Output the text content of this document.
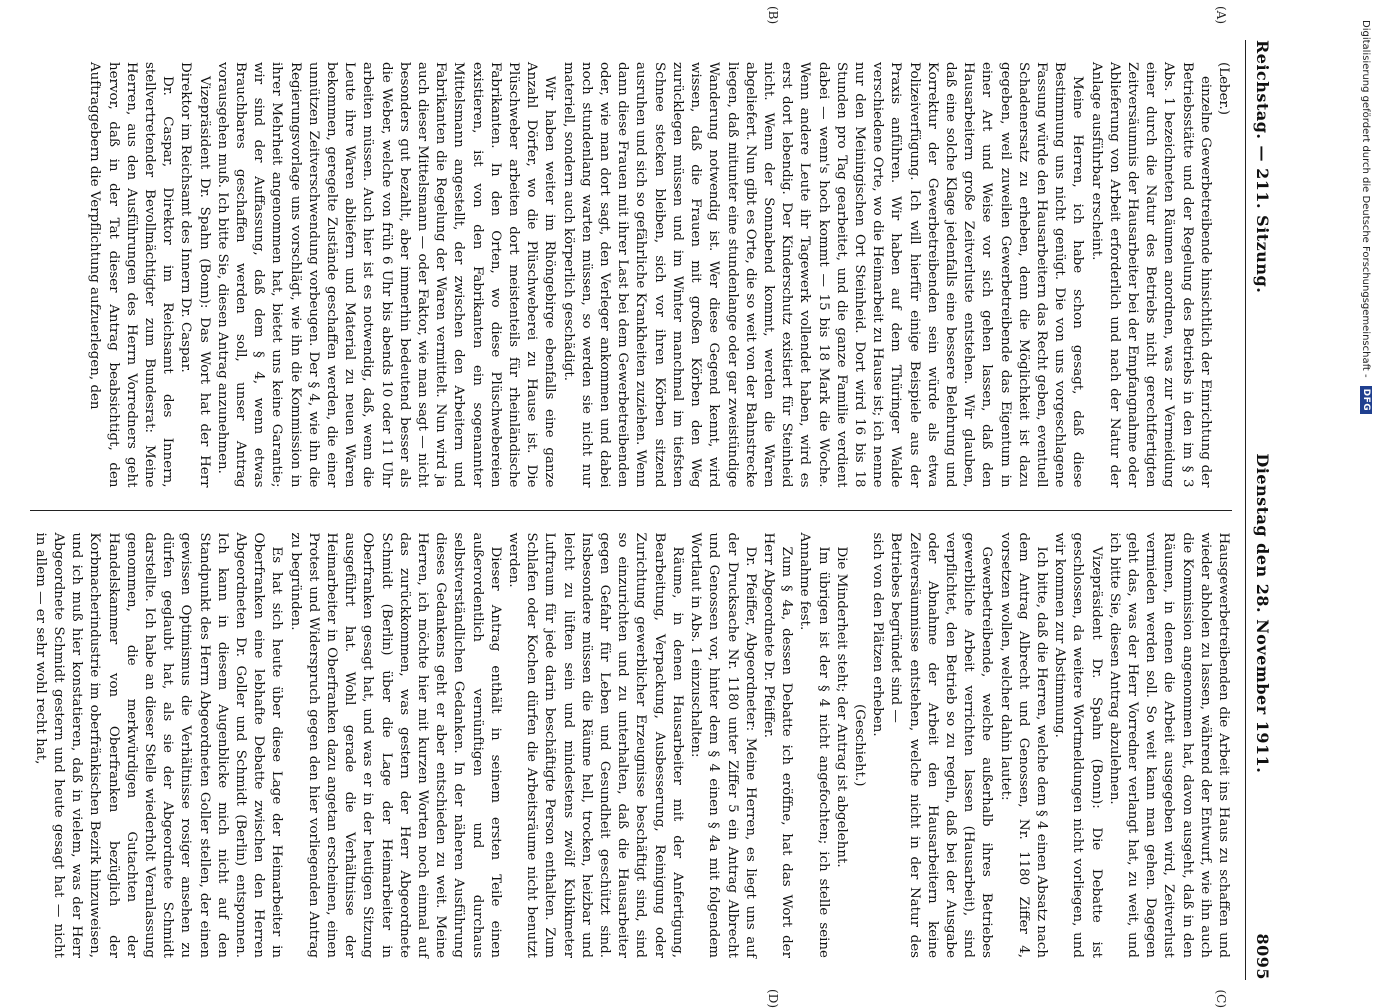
Reichstag. — 211. Sitzung.
Dienstag den 28. November 1911.
8095
(A)
(B)

(Leber.)

einzelne Gewerbetreibende hinsichtlich der Einrichtung der Betriebsstätte und der Regelung des Betriebs in den im § 3 Abs. 1 bezeichneten Räumen anordnen, was zur Vermeidung einer durch die Natur des Betriebs nicht gerechtfertigten Zeitversäumnis der Hausarbeiter bei der Empfangnahme oder Ablieferung von Arbeit erforderlich und nach der Natur der Anlage ausführbar erscheint.

Meine Herren, ich habe schon gesagt, daß diese Bestimmung uns nicht genügt. Die von uns vorgeschlagene Fassung würde den Hausarbeitern das Recht geben, eventuell Schadenersatz zu erheben, denn die Möglichkeit ist dazu gegeben, weil zuweilen Gewerbetreibende das Eigentum in einer Art und Weise vor sich gehen lassen, daß den Hausarbeitern große Zeitverluste entstehen. Wir glauben, daß eine solche Klage jedenfalls eine bessere Belehrung und Korrektur der Gewerbetreibenden sein würde als etwa Polizeiverfügung. Ich will hierfür einige Beispiele aus der Praxis anführen. Wir haben auf dem Thüringer Walde verschiedene Orte, wo die Heimarbeit zu Hause ist; ich nenne nur den Meiningischen Ort Steinheid. Dort wird 16 bis 18 Stunden pro Tag gearbeitet, und die ganze Familie verdient dabei — wenn's hoch kommt — 15 bis 18 Mark die Woche. Wenn andere Leute ihr Tagewerk vollendet haben, wird es erst dort lebendig. Der Kinderschutz existiert für Steinheid nicht. Wenn der Sonnabend kommt, werden die Waren abgeliefert. Nun gibt es Orte, die so weit von der Bahnstrecke liegen, daß mitunter eine stundenlange oder gar zweistündige Wanderung notwendig ist. Wer diese Gegend kennt, wird wissen, daß die Frauen mit großen Körben den Weg zurücklegen müssen und im Winter manchmal im tiefsten Schnee stecken bleiben, sich vor ihren Körben sitzend ausruhen und sich so gefährliche Krankheiten zuziehen. Wenn dann diese Frauen mit ihrer Last bei dem Gewerbetreibenden oder, wie man dort sagt, den Verleger ankommen und dabei noch stundenlang warten müssen, so werden sie nicht nur materiell, sondern auch körperlich geschädigt.

Wir haben weiter im Rhöngebirge ebenfalls eine ganze Anzahl Dörfer, wo die Plüschweberei zu Hause ist. Die Plüschweber arbeiten dort meistenteils für rheinländische Fabrikanten. In den Orten, wo diese Plüschwebereien existieren, ist von den Fabrikanten ein sogenannter Mittelsmann angestellt, der zwischen den Arbeitern und Fabrikanten die Regelung der Waren vermittelt. Nun wird ja auch dieser Mittelsmann — oder Faktor, wie man sagt — nicht besonders gut bezahlt, aber immerhin bedeutend besser als die Weber, welche von früh 6 Uhr bis abends 10 oder 11 Uhr arbeiten müssen. Auch hier ist es notwendig, daß, wenn die Leute ihre Waren abliefern und Material zu neuen Waren bekommen, geregelte Zustände geschaffen werden, die einer unnützen Zeitverschwendung vorbeugen. Der § 4, wie ihn die Regierungsvorlage uns vorschlägt, wie ihn die Kommission in ihrer Mehrheit angenommen hat, bietet uns keine Garantie; wir sind der Auffassung, daß dem § 4, wenn etwas Brauchbares geschaffen werden soll, unser Antrag vorausgehen muß. Ich bitte Sie, diesen Antrag anzunehmen.

Vizepräsident Dr. Spahn (Bonn): Das Wort hat der Herr Direktor im Reichsamt des Innern Dr. Caspar.

Dr. Caspar, Direktor im Reichsamt des Innern, stellvertretender Bevollmächtigter zum Bundesrat: Meine Herren, aus den Ausführungen des Herrn Vorredners geht hervor, daß in der Tat dieser Antrag beabsichtigt, den Auftraggebern die Verpflichtung aufzuerlegen, den

(C)
(D)

Hausgewerbetreibenden die Arbeit ins Haus zu schaffen und wieder abholen zu lassen, während der Entwurf, wie ihn auch die Kommission angenommen hat, davon ausgeht, daß in den Räumen, in denen die Arbeit ausgegeben wird, Zeitverlust vermieden werden soll. So weit kann man gehen. Dagegen geht das, was der Herr Vorredner verlangt hat, zu weit, und ich bitte Sie, diesen Antrag abzulehnen.

Vizepräsident Dr. Spahn (Bonn): Die Debatte ist geschlossen, da weitere Wortmeldungen nicht vorliegen, und wir kommen zur Abstimmung.

Ich bitte, daß die Herren, welche dem § 4 einen Absatz nach dem Antrag Albrecht und Genossen, Nr. 1180 Ziffer 4, vorsetzen wollen, welcher dahin lautet:

Gewerbetreibende, welche außerhalb ihres Betriebes gewerbliche Arbeit verrichten lassen (Hausarbeit), sind verpflichtet, den Betrieb so zu regeln, daß bei der Ausgabe oder Abnahme der Arbeit den Hausarbeitern keine Zeitversäumnisse entstehen, welche nicht in der Natur des Betriebes begründet sind —

sich von den Plätzen erheben.

(Geschieht.)

Die Minderheit steht; der Antrag ist abgelehnt.

Im übrigen ist der § 4 nicht angefochten; ich stelle seine Annahme fest.

Zum § 4a, dessen Debatte ich eröffne, hat das Wort der Herr Abgeordnete Dr. Pfeiffer.

Dr. Pfeiffer, Abgeordneter: Meine Herren, es liegt uns auf der Drucksache Nr. 1180 unter Ziffer 5 ein Antrag Albrecht und Genossen vor, hinter dem § 4 einen § 4a mit folgendem Wortlaut in Abs. 1 einzuschalten:

Räume, in denen Hausarbeiter mit der Anfertigung, Bearbeitung, Verpackung, Ausbesserung, Reinigung oder Zurichtung gewerblicher Erzeugnisse beschäftigt sind, sind so einzurichten und zu unterhalten, daß die Hausarbeiter gegen Gefahr für Leben und Gesundheit geschützt sind. Insbesondere müssen die Räume hell, trocken, heizbar und leicht zu lüften sein und mindestens zwölf Kubikmeter Luftraum für jede darin beschäftigte Person enthalten. Zum Schlafen oder Kochen dürfen die Arbeitsräume nicht benutzt werden.

Dieser Antrag enthält in seinem ersten Teile einen außerordentlich vernünftigen und durchaus selbstverständlichen Gedanken. In der näheren Ausführung dieses Gedankens geht er aber entschieden zu weit. Meine Herren, ich möchte hier mit kurzen Worten noch einmal auf das zurückkommen, was gestern der Herr Abgeordnete Schmidt (Berlin) über die Lage der Heimarbeiter in Oberfranken gesagt hat, und was er in der heutigen Sitzung ausgeführt hat. Wohl gerade die Verhältnisse der Heimarbeiter in Oberfranken dazu angetan erscheinen, einen Protest und Widerspruch gegen den hier vorliegenden Antrag zu begründen.

Es hat sich heute über diese Lage der Heimarbeiter in Oberfranken eine lebhafte Debatte zwischen den Herren Abgeordneten Dr. Goller und Schmidt (Berlin) entsponnen. Ich kann in diesem Augenblicke mich nicht auf den Standpunkt des Herrn Abgeordneten Goller stellen, der einen gewissen Optimismus die Verhältnisse rosiger ansehen zu dürfen geglaubt hat, als sie der Abgeordnete Schmidt darstellte. Ich habe an dieser Stelle wiederholt Veranlassung genommen, die merkwürdigen Gutachten der Handelskammer von Oberfranken bezüglich der Korbmacherindustrie im oberfränkischen Bezirk hinzuweisen, und ich muß hier konstatieren, daß in vielem, was der Herr Abgeordnete Schmidt gestern und heute gesagt hat — nicht in allem — er sehr wohl recht hat,

Digitalisierung gefördert durch die Deutsche Forschungsgemeinschaft -
DFG
